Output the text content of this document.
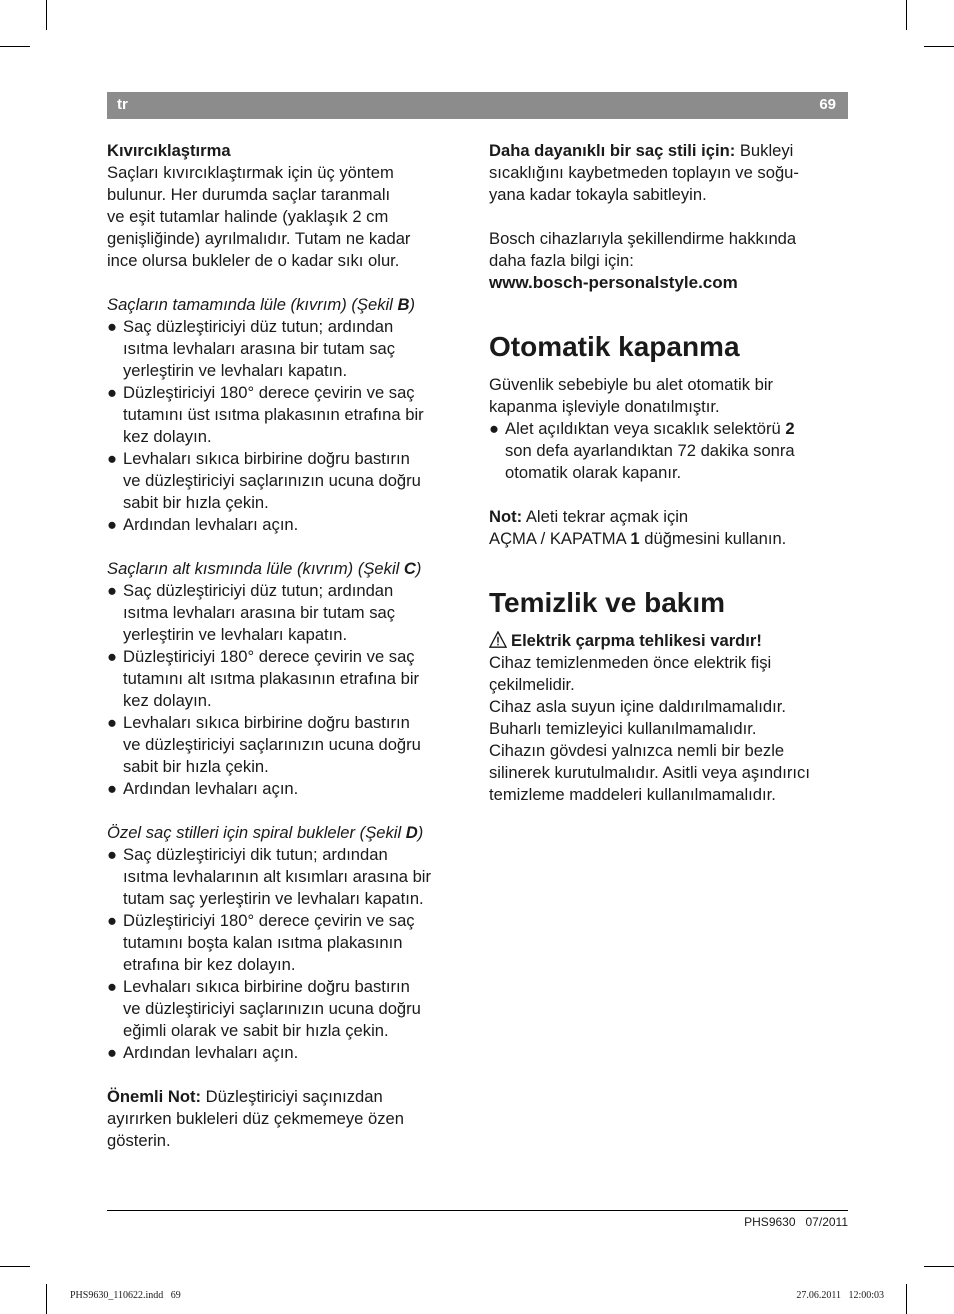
tr	69

Kıvırcıklaştırma

Saçları kıvırcıklaştırmak için üç yöntem

bulunur. Her durumda saçlar taranmalı

ve eşit tutamlar halinde (yaklaşık 2 cm

genişliğinde) ayrılmalıdır. Tutam ne kadar

ince olursa bukleler de o kadar sıkı olur.

Saçların tamamında lüle (kıvrım) (Şekil B)

● Saç düzleştiriciyi düz tutun; ardından

ısıtma levhaları arasına bir tutam saç

yerleştirin ve levhaları kapatın.

● Düzleştiriciyi 180° derece çevirin ve saç

tutamını üst ısıtma plakasının etrafına bir

kez dolayın.

● Levhaları sıkıca birbirine doğru bastırın

ve düzleştiriciyi saçlarınızın ucuna doğru

sabit bir hızla çekin.

● Ardından levhaları açın.

Saçların alt kısmında lüle (kıvrım) (Şekil C)

● Saç düzleştiriciyi düz tutun; ardından

ısıtma levhaları arasına bir tutam saç

yerleştirin ve levhaları kapatın.

● Düzleştiriciyi 180° derece çevirin ve saç

tutamını alt ısıtma plakasının etrafına bir

kez dolayın.

● Levhaları sıkıca birbirine doğru bastırın

ve düzleştiriciyi saçlarınızın ucuna doğru

sabit bir hızla çekin.

● Ardından levhaları açın.

Özel saç stilleri için spiral bukleler (Şekil D)

● Saç düzleştiriciyi dik tutun; ardından

ısıtma levhalarının alt kısımları arasına bir

tutam saç yerleştirin ve levhaları kapatın.

● Düzleştiriciyi 180° derece çevirin ve saç

tutamını boşta kalan ısıtma plakasının

etrafına bir kez dolayın.

● Levhaları sıkıca birbirine doğru bastırın

ve düzleştiriciyi saçlarınızın ucuna doğru

eğimli olarak ve sabit bir hızla çekin.

● Ardından levhaları açın.

Önemli Not: Düzleştiriciyi saçınızdan

ayırırken bukleleri düz çekmemeye özen

gösterin.

Daha dayanıklı bir saç stili için: Bukleyi

sıcaklığını kaybetmeden toplayın ve soğu-

yana kadar tokayla sabitleyin.

Bosch cihazlarıyla şekillendirme hakkında

daha fazla bilgi için:

www.bosch-personalstyle.com

Otomatik kapanma

Güvenlik sebebiyle bu alet otomatik bir

kapanma işleviyle donatılmıştır.

● Alet açıldıktan veya sıcaklık selektörü 2

son defa ayarlandıktan 72 dakika sonra

otomatik olarak kapanır.

Not: Aleti tekrar açmak için

AÇMA / KAPATMA 1 düğmesini kullanın.

Temizlik ve bakım

Elektrik çarpma tehlikesi vardır!

Cihaz temizlenmeden önce elektrik fişi

çekilmelidir.

Cihaz asla suyun içine daldırılmamalıdır.

Buharlı temizleyici kullanılmamalıdır.

Cihazın gövdesi yalnızca nemli bir bezle

silinerek kurutulmalıdır. Asitli veya aşındırıcı

temizleme maddeleri kullanılmamalıdır.

PHS9630   07/2011
PHS9630_110622.indd   69	27.06.2011   12:00:03
